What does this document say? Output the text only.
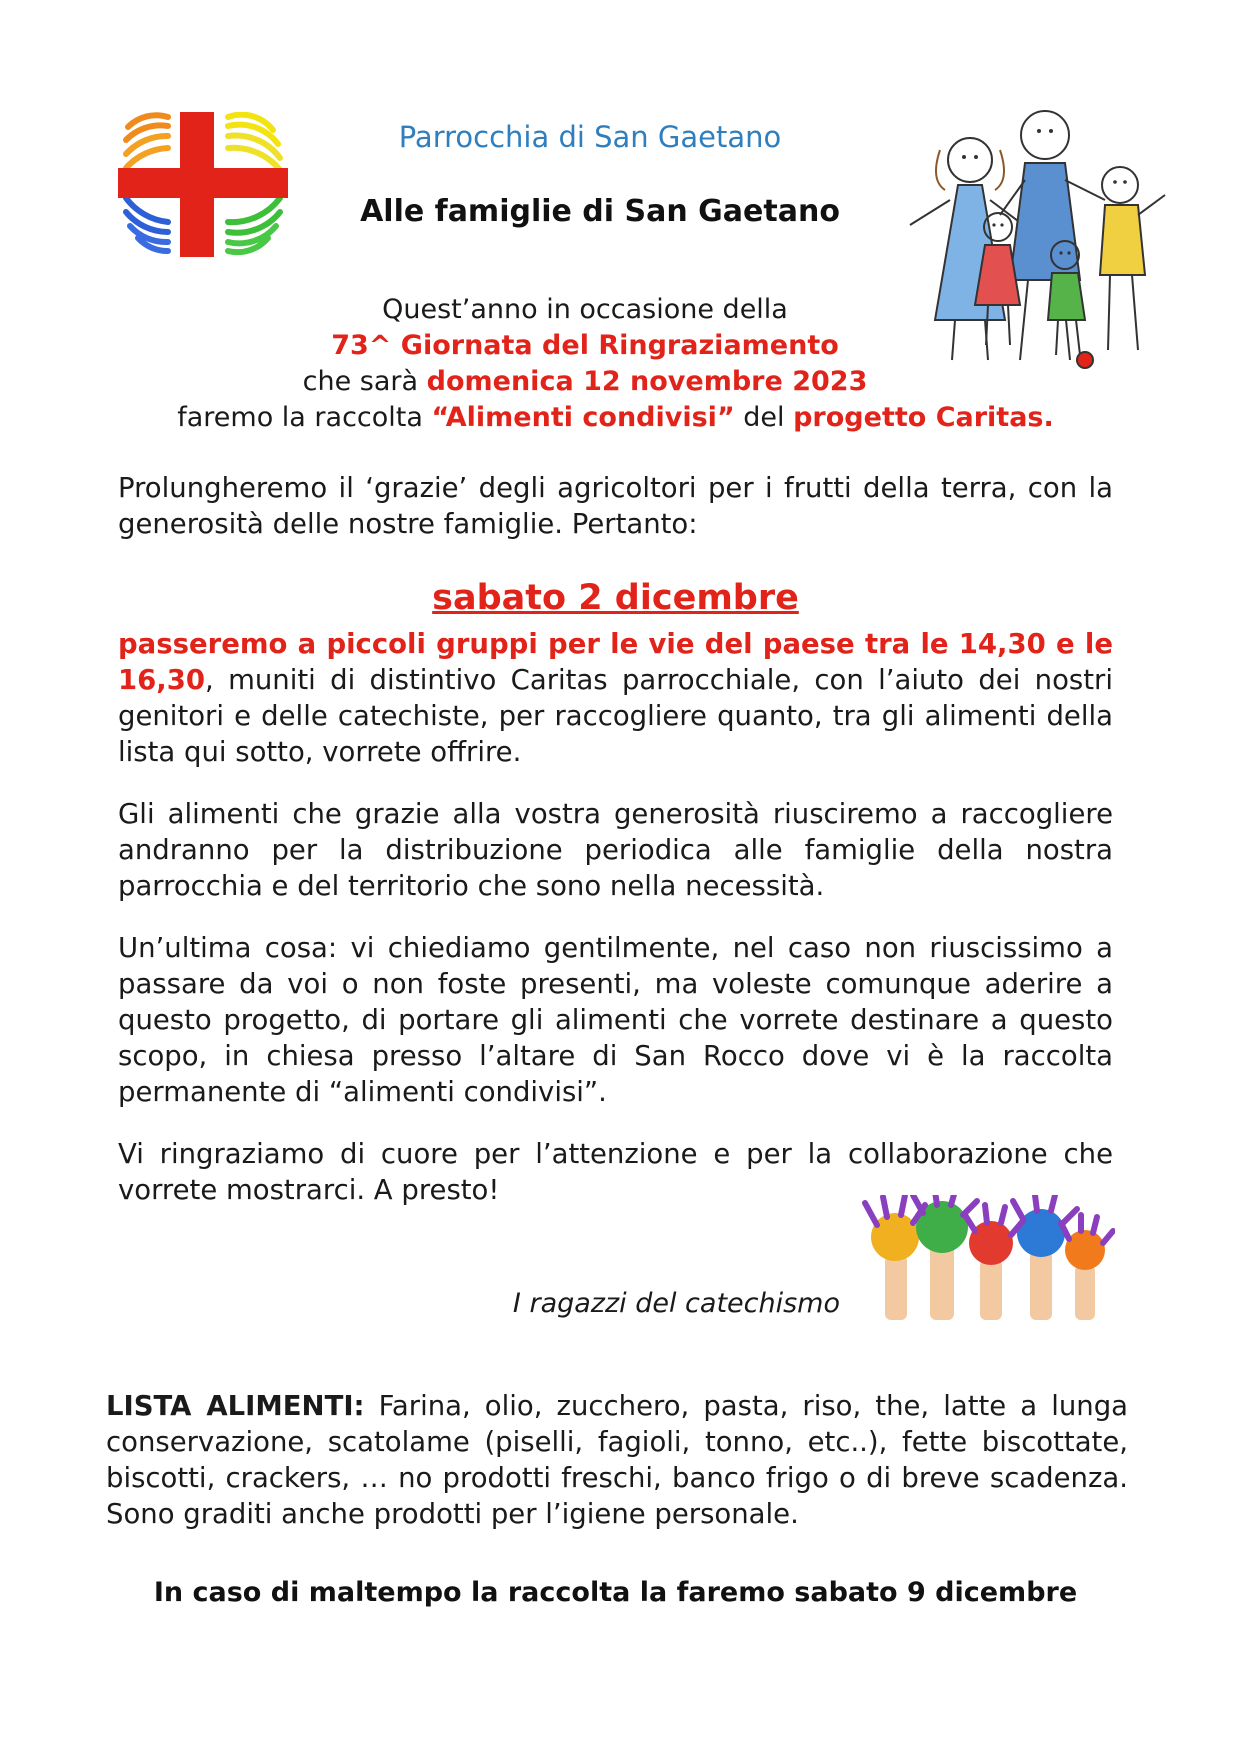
Parrocchia di San Gaetano
Alle famiglie di San Gaetano
Quest’anno in occasione della
73^ Giornata del Ringraziamento
che sarà domenica 12 novembre 2023
faremo la raccolta “Alimenti condivisi” del progetto Caritas.
Prolungheremo il ‘grazie’ degli agricoltori per i frutti della terra, con la generosità delle nostre famiglie. Pertanto:
sabato 2 dicembre
passeremo a piccoli gruppi per le vie del paese tra le 14,30 e le 16,30, muniti di distintivo Caritas parrocchiale, con l’aiuto dei nostri genitori e delle catechiste, per raccogliere quanto, tra gli alimenti della lista qui sotto, vorrete offrire.
Gli alimenti che grazie alla vostra generosità riusciremo a raccogliere andranno per la distribuzione periodica alle famiglie della nostra parrocchia e del territorio che sono nella necessità.
Un’ultima cosa: vi chiediamo gentilmente, nel caso non riuscissimo a passare da voi o non foste presenti, ma voleste comunque aderire a questo progetto, di portare gli alimenti che vorrete destinare a questo scopo, in chiesa presso l’altare di San Rocco dove vi è la raccolta permanente di “alimenti condivisi”.
Vi ringraziamo di cuore per l’attenzione e per la collaborazione che vorrete mostrarci. A presto!
I ragazzi del catechismo
LISTA ALIMENTI: Farina, olio, zucchero, pasta, riso, the, latte a lunga conservazione, scatolame (piselli, fagioli, tonno, etc..), fette biscottate, biscotti, crackers, … no prodotti freschi, banco frigo o di breve scadenza. Sono graditi anche prodotti per l’igiene personale.
In caso di maltempo la raccolta la faremo sabato 9 dicembre
